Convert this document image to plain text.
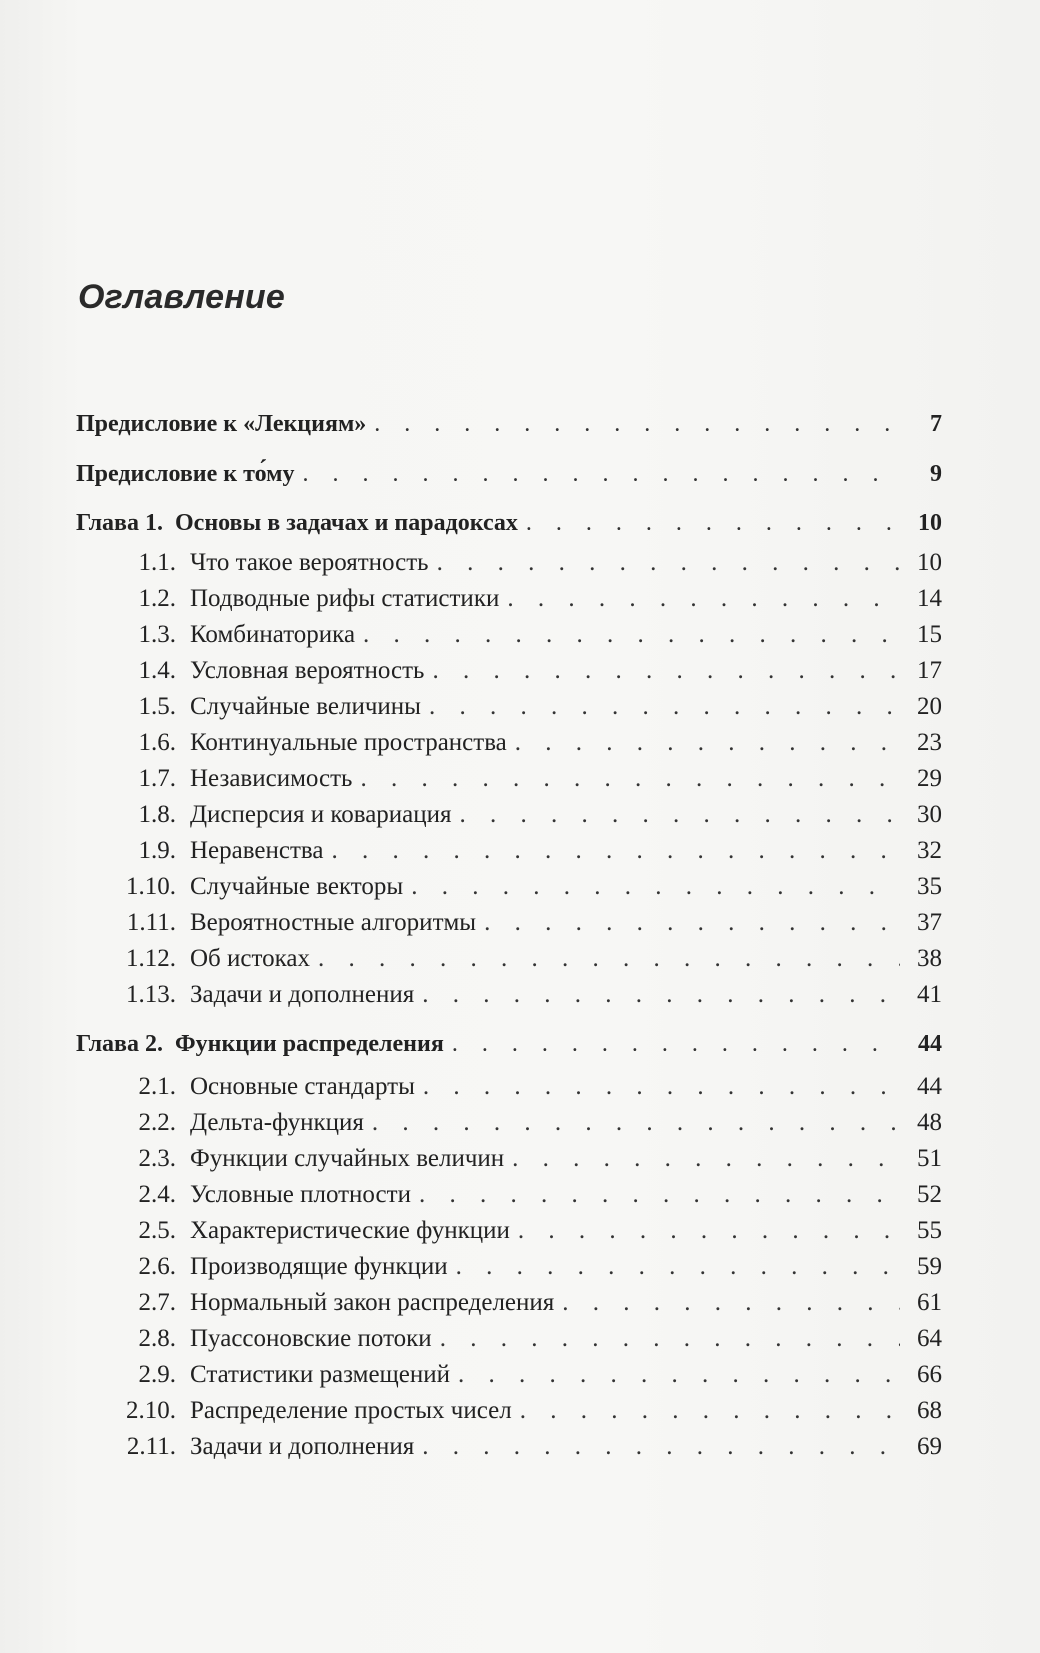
Оглавление
Предисловие к «Лекциям» . . .	7
Предисловие к то́му . . .	9
Глава 1. Основы в задачах и парадоксах . . .	10
1.1. Что такое вероятность . . .	10
1.2. Подводные рифы статистики . . .	14
1.3. Комбинаторика . . .	15
1.4. Условная вероятность . . .	17
1.5. Случайные величины . . .	20
1.6. Континуальные пространства . . .	23
1.7. Независимость . . .	29
1.8. Дисперсия и ковариация . . .	30
1.9. Неравенства . . .	32
1.10. Случайные векторы . . .	35
1.11. Вероятностные алгоритмы . . .	37
1.12. Об истоках . . .	38
1.13. Задачи и дополнения . . .	41
Глава 2. Функции распределения . . .	44
2.1. Основные стандарты . . .	44
2.2. Дельта-функция . . .	48
2.3. Функции случайных величин . . .	51
2.4. Условные плотности . . .	52
2.5. Характеристические функции . . .	55
2.6. Производящие функции . . .	59
2.7. Нормальный закон распределения . . .	61
2.8. Пуассоновские потоки . . .	64
2.9. Статистики размещений . . .	66
2.10. Распределение простых чисел . . .	68
2.11. Задачи и дополнения . . .	69
